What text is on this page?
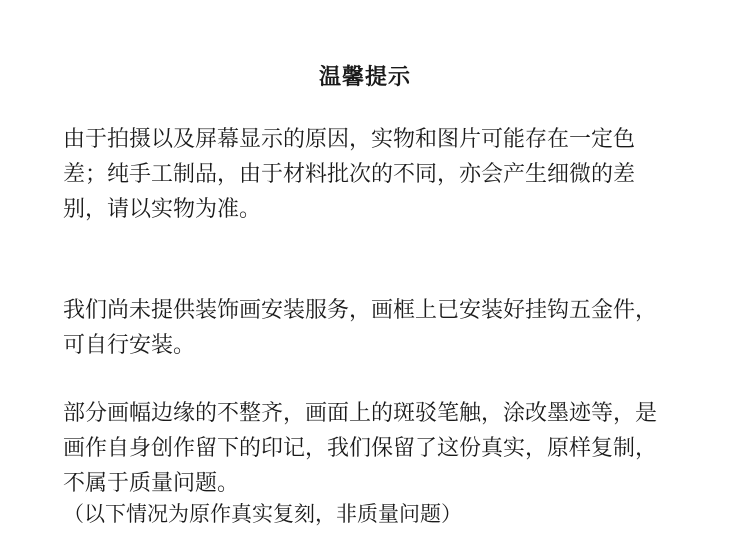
温馨提示

由于拍摄以及屏幕显示的原因，实物和图片可能存在一定色差；纯手工制品，由于材料批次的不同，亦会产生细微的差别，请以实物为准。

我们尚未提供装饰画安装服务，画框上已安装好挂钩五金件，可自行安装。

部分画幅边缘的不整齐，画面上的斑驳笔触，涂改墨迹等，是画作自身创作留下的印记，我们保留了这份真实，原样复制，不属于质量问题。

（以下情况为原作真实复刻，非质量问题）
